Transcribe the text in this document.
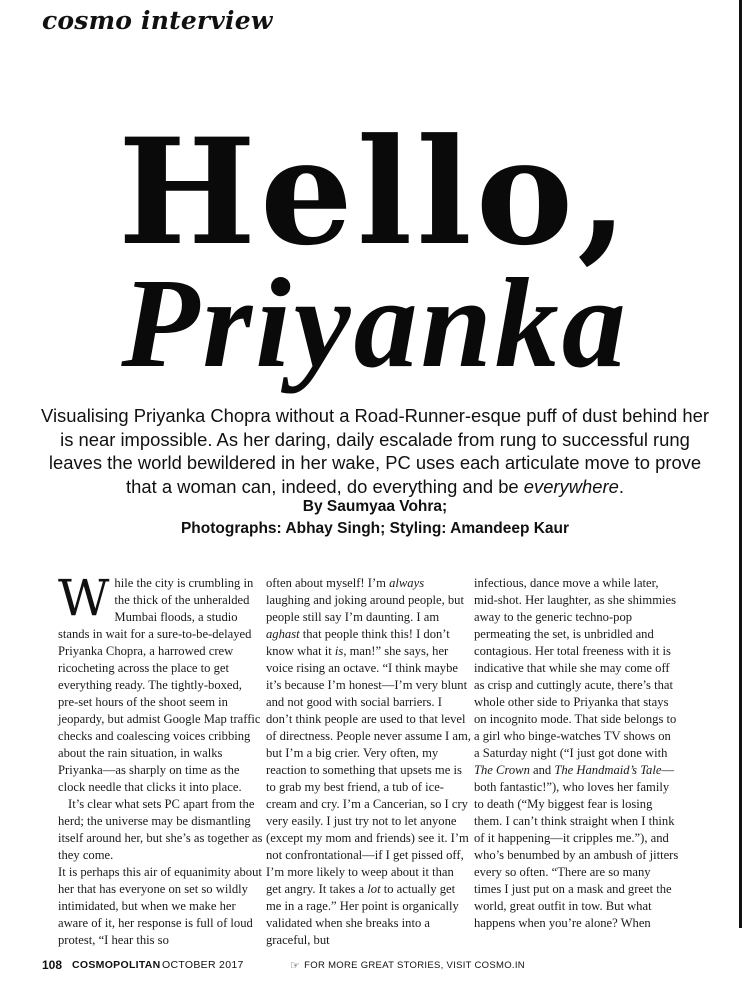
cosmo interview
Hello,
Priyanka

Visualising Priyanka Chopra without a Road-Runner-esque puff of dust behind her is near impossible. As her daring, daily escalade from rung to successful rung leaves the world bewildered in her wake, PC uses each articulate move to prove that a woman can, indeed, do everything and be everywhere.

By Saumyaa Vohra;
Photographs: Abhay Singh; Styling: Amandeep Kaur

While the city is crumbling in the thick of the unheralded Mumbai floods, a studio stands in wait for a sure-to-be-delayed Priyanka Chopra, a harrowed crew ricocheting across the place to get everything ready. The tightly-boxed, pre-set hours of the shoot seem in jeopardy, but admist Google Map traffic checks and coalescing voices cribbing about the rain situation, in walks Priyanka—as sharply on time as the clock needle that clicks it into place.

It’s clear what sets PC apart from the herd; the universe may be dismantling itself around her, but she’s as together as they come.

It is perhaps this air of equanimity about her that has everyone on set so wildly intimidated, but when we make her aware of it, her response is full of loud protest, “I hear this so

often about myself! I’m always laughing and joking around people, but people still say I’m daunting. I am aghast that people think this! I don’t know what it is, man!” she says, her voice rising an octave. “I think maybe it’s because I’m honest—I’m very blunt and not good with social barriers. I don’t think people are used to that level of directness. People never assume I am, but I’m a big crier. Very often, my reaction to something that upsets me is to grab my best friend, a tub of ice-cream and cry. I’m a Cancerian, so I cry very easily. I just try not to let anyone (except my mom and friends) see it. I’m not confrontational—if I get pissed off, I’m more likely to weep about it than get angry. It takes a lot to actually get me in a rage.” Her point is organically validated when she breaks into a graceful, but

infectious, dance move a while later, mid-shot. Her laughter, as she shimmies away to the generic techno-pop permeating the set, is unbridled and contagious. Her total freeness with it is indicative that while she may come off as crisp and cuttingly acute, there’s that whole other side to Priyanka that stays on incognito mode. That side belongs to a girl who binge-watches TV shows on a Saturday night (“I just got done with The Crown and The Handmaid’s Tale—both fantastic!”), who loves her family to death (“My biggest fear is losing them. I can’t think straight when I think of it happening—it cripples me.”), and who’s benumbed by an ambush of jitters every so often. “There are so many times I just put on a mask and greet the world, great outfit in tow. But what happens when you’re alone? When

108 COSMOPOLITAN OCTOBER 2017	☞ FOR MORE GREAT STORIES, VISIT COSMO.IN
